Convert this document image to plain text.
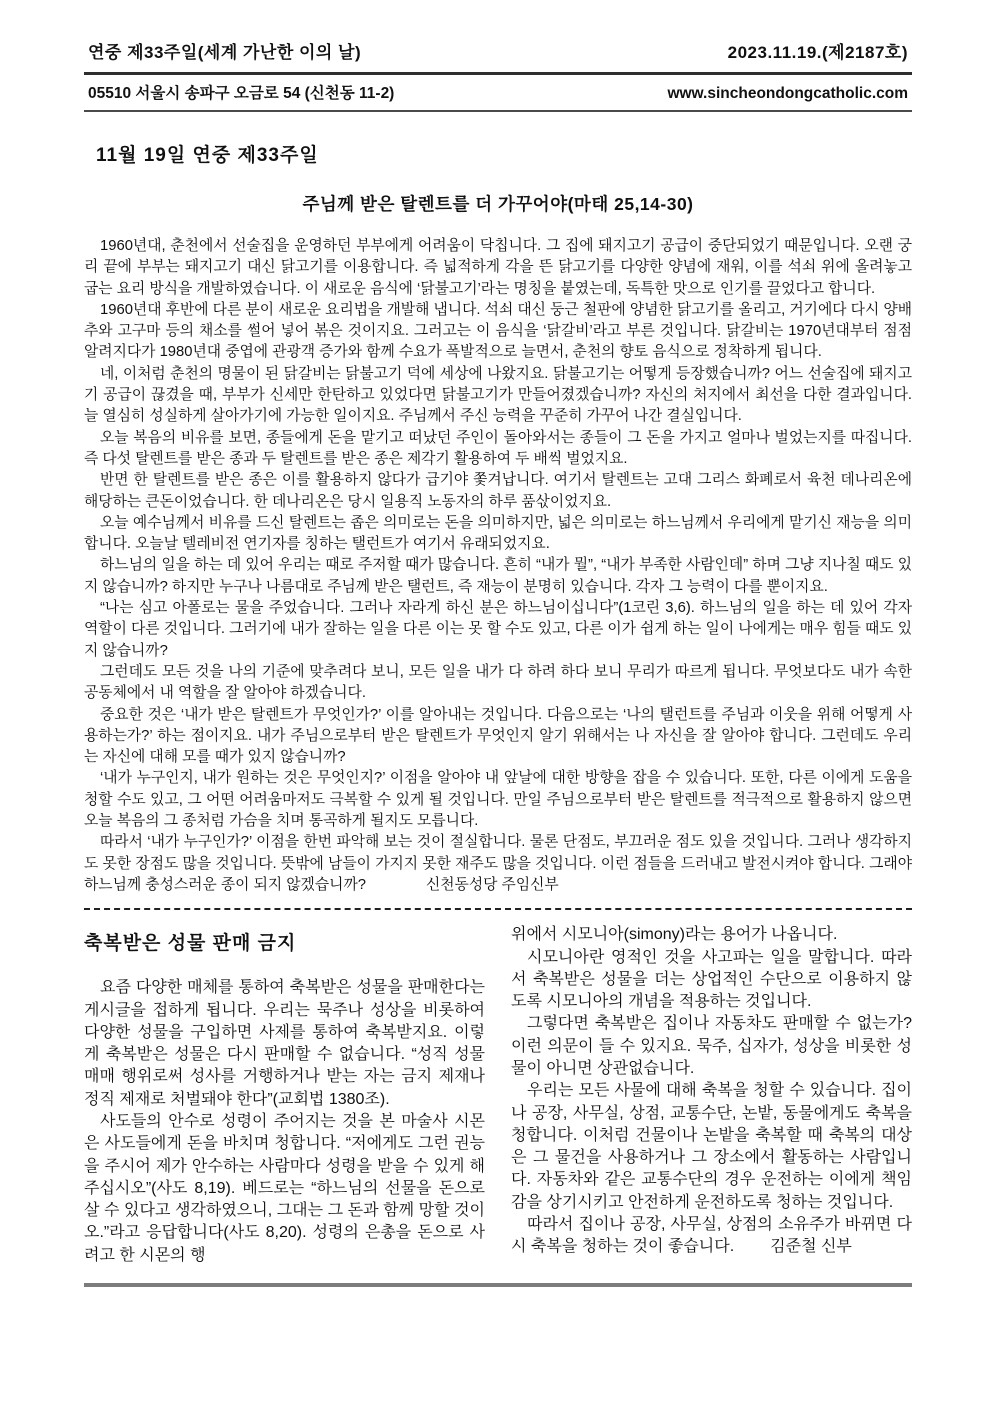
연중 제33주일(세계 가난한 이의 날)	2023.11.19.(제2187호)
05510 서울시 송파구 오금로 54 (신천동 11-2)	www.sincheondongcatholic.com
11월 19일 연중 제33주일
주님께 받은 탈렌트를 더 가꾸어야(마태 25,14-30)

1960년대, 춘천에서 선술집을 운영하던 부부에게 어려움이 닥칩니다. 그 집에 돼지고기 공급이 중단되었기 때문입니다. 오랜 궁리 끝에 부부는 돼지고기 대신 닭고기를 이용합니다. 즉 넓적하게 각을 뜬 닭고기를 다양한 양념에 재워, 이를 석쇠 위에 올려놓고 굽는 요리 방식을 개발하였습니다. 이 새로운 음식에 ‘닭불고기’라는 명칭을 붙였는데, 독특한 맛으로 인기를 끌었다고 합니다.

1960년대 후반에 다른 분이 새로운 요리법을 개발해 냅니다. 석쇠 대신 둥근 철판에 양념한 닭고기를 올리고, 거기에다 다시 양배추와 고구마 등의 채소를 썰어 넣어 볶은 것이지요. 그러고는 이 음식을 ‘닭갈비’라고 부른 것입니다. 닭갈비는 1970년대부터 점점 알려지다가 1980년대 중엽에 관광객 증가와 함께 수요가 폭발적으로 늘면서, 춘천의 향토 음식으로 정착하게 됩니다.

네, 이처럼 춘천의 명물이 된 닭갈비는 닭불고기 덕에 세상에 나왔지요. 닭불고기는 어떻게 등장했습니까? 어느 선술집에 돼지고기 공급이 끊겼을 때, 부부가 신세만 한탄하고 있었다면 닭불고기가 만들어졌겠습니까? 자신의 처지에서 최선을 다한 결과입니다. 늘 열심히 성실하게 살아가기에 가능한 일이지요. 주님께서 주신 능력을 꾸준히 가꾸어 나간 결실입니다.

오늘 복음의 비유를 보면, 종들에게 돈을 맡기고 떠났던 주인이 돌아와서는 종들이 그 돈을 가지고 얼마나 벌었는지를 따집니다. 즉 다섯 탈렌트를 받은 종과 두 탈렌트를 받은 종은 제각기 활용하여 두 배씩 벌었지요.

반면 한 탈렌트를 받은 종은 이를 활용하지 않다가 급기야 쫓겨납니다. 여기서 탈렌트는 고대 그리스 화폐로서 육천 데나리온에 해당하는 큰돈이었습니다. 한 데나리온은 당시 일용직 노동자의 하루 품삯이었지요.

오늘 예수님께서 비유를 드신 탈렌트는 좁은 의미로는 돈을 의미하지만, 넓은 의미로는 하느님께서 우리에게 맡기신 재능을 의미합니다. 오늘날 텔레비전 연기자를 칭하는 탤런트가 여기서 유래되었지요.

하느님의 일을 하는 데 있어 우리는 때로 주저할 때가 많습니다. 흔히 “내가 뭘”, “내가 부족한 사람인데” 하며 그냥 지나칠 때도 있지 않습니까? 하지만 누구나 나름대로 주님께 받은 탤런트, 즉 재능이 분명히 있습니다. 각자 그 능력이 다를 뿐이지요.

“나는 심고 아폴로는 물을 주었습니다. 그러나 자라게 하신 분은 하느님이십니다”(1코린 3,6). 하느님의 일을 하는 데 있어 각자 역할이 다른 것입니다. 그러기에 내가 잘하는 일을 다른 이는 못 할 수도 있고, 다른 이가 쉽게 하는 일이 나에게는 매우 힘들 때도 있지 않습니까?

그런데도 모든 것을 나의 기준에 맞추려다 보니, 모든 일을 내가 다 하려 하다 보니 무리가 따르게 됩니다. 무엇보다도 내가 속한 공동체에서 내 역할을 잘 알아야 하겠습니다.

중요한 것은 ‘내가 받은 탈렌트가 무엇인가?’ 이를 알아내는 것입니다. 다음으로는 ‘나의 탤런트를 주님과 이웃을 위해 어떻게 사용하는가?’ 하는 점이지요. 내가 주님으로부터 받은 탈렌트가 무엇인지 알기 위해서는 나 자신을 잘 알아야 합니다. 그런데도 우리는 자신에 대해 모를 때가 있지 않습니까?

‘내가 누구인지, 내가 원하는 것은 무엇인지?’ 이점을 알아야 내 앞날에 대한 방향을 잡을 수 있습니다. 또한, 다른 이에게 도움을 청할 수도 있고, 그 어떤 어려움마저도 극복할 수 있게 될 것입니다. 만일 주님으로부터 받은 탈렌트를 적극적으로 활용하지 않으면 오늘 복음의 그 종처럼 가슴을 치며 통곡하게 될지도 모릅니다.

따라서 ‘내가 누구인가?’ 이점을 한번 파악해 보는 것이 절실합니다. 물론 단점도, 부끄러운 점도 있을 것입니다. 그러나 생각하지도 못한 장점도 많을 것입니다. 뜻밖에 남들이 가지지 못한 재주도 많을 것입니다. 이런 점들을 드러내고 발전시켜야 합니다. 그래야 하느님께 충성스러운 종이 되지 않겠습니까?	신천동성당 주임신부

축복받은 성물 판매 금지

요즘 다양한 매체를 통하여 축복받은 성물을 판매한다는 게시글을 접하게 됩니다. 우리는 묵주나 성상을 비롯하여 다양한 성물을 구입하면 사제를 통하여 축복받지요. 이렇게 축복받은 성물은 다시 판매할 수 없습니다. “성직 성물 매매 행위로써 성사를 거행하거나 받는 자는 금지 제재나 정직 제재로 처벌돼야 한다”(교회법 1380조).

사도들의 안수로 성령이 주어지는 것을 본 마술사 시몬은 사도들에게 돈을 바치며 청합니다. “저에게도 그런 권능을 주시어 제가 안수하는 사람마다 성령을 받을 수 있게 해 주십시오”(사도 8,19). 베드로는 “하느님의 선물을 돈으로 살 수 있다고 생각하였으니, 그대는 그 돈과 함께 망할 것이오.”라고 응답합니다(사도 8,20). 성령의 은총을 돈으로 사려고 한 시몬의 행

위에서 시모니아(simony)라는 용어가 나옵니다.

시모니아란 영적인 것을 사고파는 일을 말합니다. 따라서 축복받은 성물을 더는 상업적인 수단으로 이용하지 않도록 시모니아의 개념을 적용하는 것입니다.

그렇다면 축복받은 집이나 자동차도 판매할 수 없는가? 이런 의문이 들 수 있지요. 묵주, 십자가, 성상을 비롯한 성물이 아니면 상관없습니다.

우리는 모든 사물에 대해 축복을 청할 수 있습니다. 집이나 공장, 사무실, 상점, 교통수단, 논밭, 동물에게도 축복을 청합니다. 이처럼 건물이나 논밭을 축복할 때 축복의 대상은 그 물건을 사용하거나 그 장소에서 활동하는 사람입니다. 자동차와 같은 교통수단의 경우 운전하는 이에게 책임감을 상기시키고 안전하게 운전하도록 청하는 것입니다.

따라서 집이나 공장, 사무실, 상점의 소유주가 바뀌면 다시 축복을 청하는 것이 좋습니다. 김준철 신부
